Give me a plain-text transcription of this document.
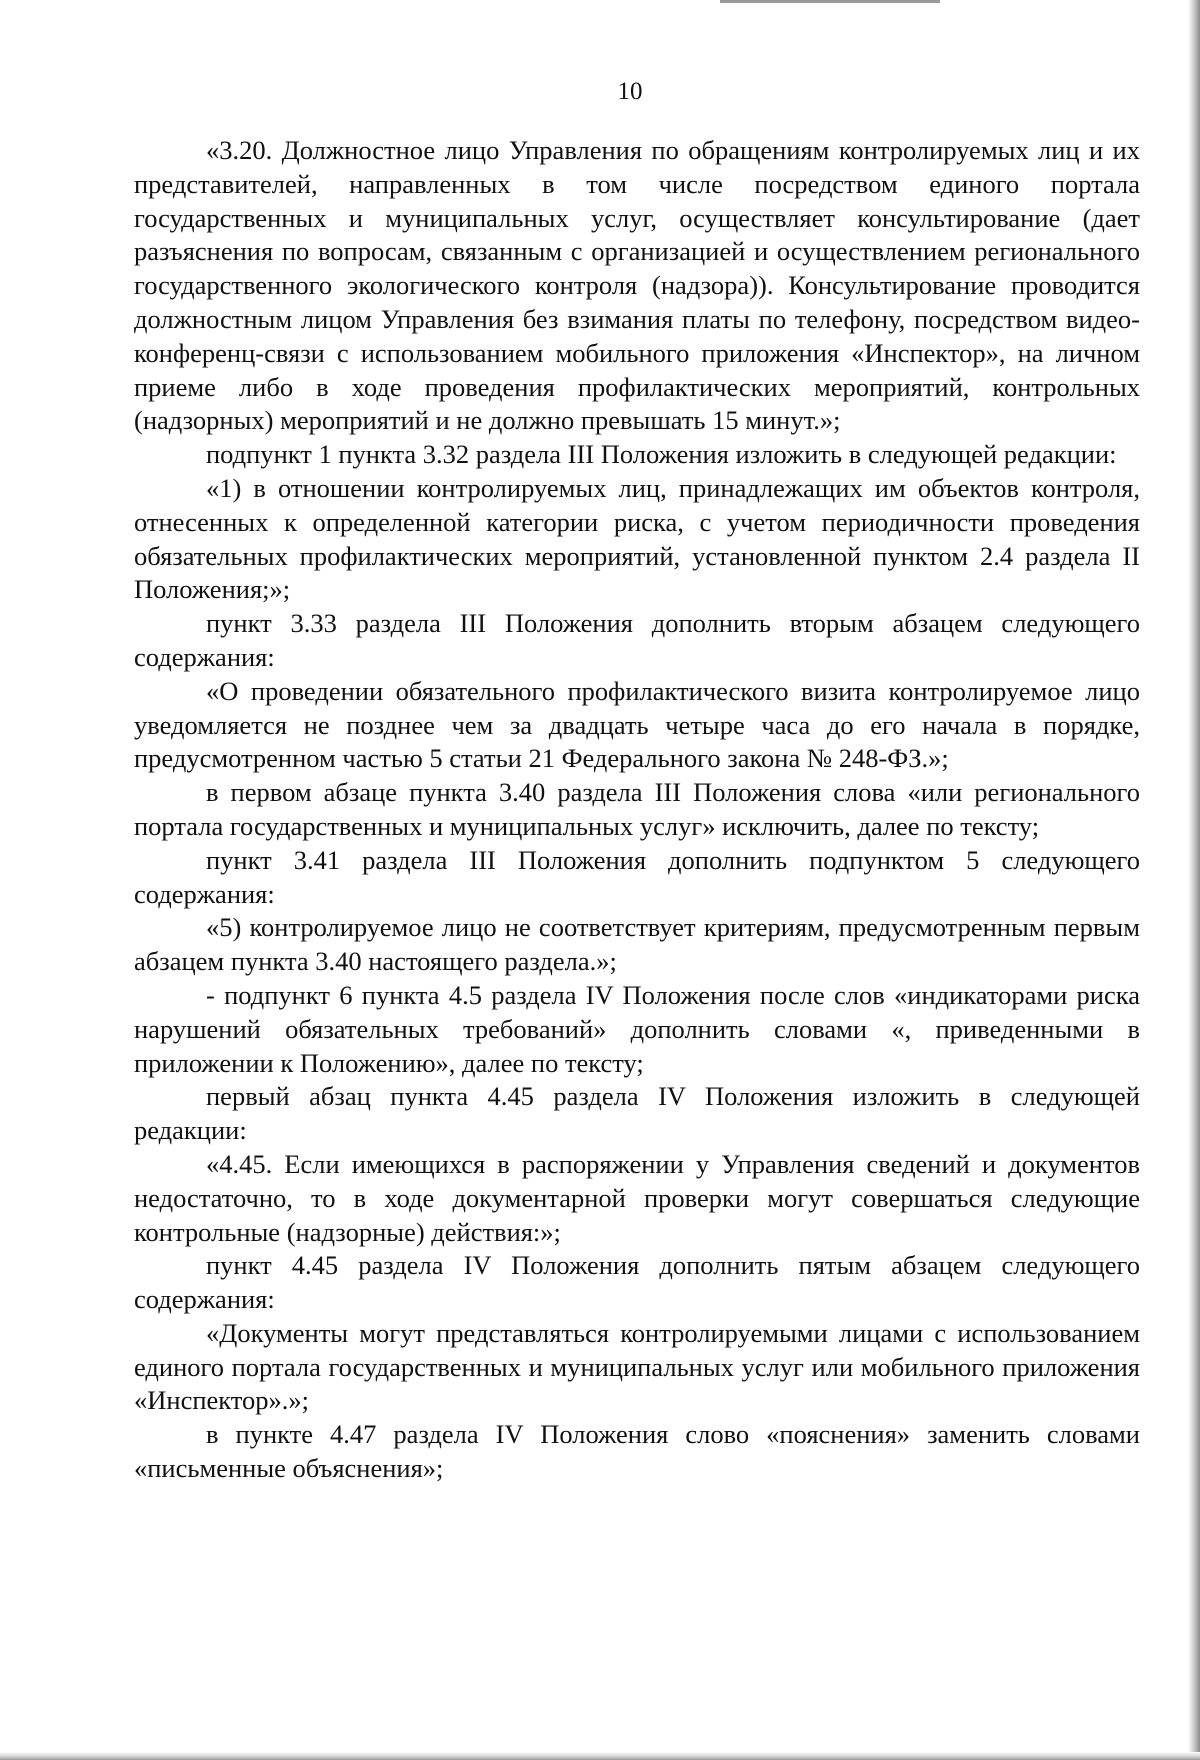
10

«3.20. Должностное лицо Управления по обращениям контролируемых лиц и их представителей, направленных в том числе посредством единого портала государственных и муниципальных услуг, осуществляет консультирование (дает разъяснения по вопросам, связанным с организацией и осуществлением регионального государственного экологического контроля (надзора)). Консультирование проводится должностным лицом Управления без взимания платы по телефону, посредством видео-конференц-связи с использованием мобильного приложения «Инспектор», на личном приеме либо в ходе проведения профилактических мероприятий, контрольных (надзорных) мероприятий и не должно превышать 15 минут.»;

подпункт 1 пункта 3.32 раздела III Положения изложить в следующей редакции:

«1) в отношении контролируемых лиц, принадлежащих им объектов контроля, отнесенных к определенной категории риска, с учетом периодичности проведения обязательных профилактических мероприятий, установленной пунктом 2.4 раздела II Положения;»;

пункт 3.33 раздела III Положения дополнить вторым абзацем следующего содержания:

«О проведении обязательного профилактического визита контролируемое лицо уведомляется не позднее чем за двадцать четыре часа до его начала в порядке, предусмотренном частью 5 статьи 21 Федерального закона № 248-ФЗ.»;

в первом абзаце пункта 3.40 раздела III Положения слова «или регионального портала государственных и муниципальных услуг» исключить, далее по тексту;

пункт 3.41 раздела III Положения дополнить подпунктом 5 следующего содержания:

«5) контролируемое лицо не соответствует критериям, предусмотренным первым абзацем пункта 3.40 настоящего раздела.»;

- подпункт 6 пункта 4.5 раздела IV Положения после слов «индикаторами риска нарушений обязательных требований» дополнить словами «, приведенными в приложении к Положению», далее по тексту;

первый абзац пункта 4.45 раздела IV Положения изложить в следующей редакции:

«4.45. Если имеющихся в распоряжении у Управления сведений и документов недостаточно, то в ходе документарной проверки могут совершаться следующие контрольные (надзорные) действия:»;

пункт 4.45 раздела IV Положения дополнить пятым абзацем следующего содержания:

«Документы могут представляться контролируемыми лицами с использованием единого портала государственных и муниципальных услуг или мобильного приложения «Инспектор».»;

в пункте 4.47 раздела IV Положения слово «пояснения» заменить словами «письменные объяснения»;
